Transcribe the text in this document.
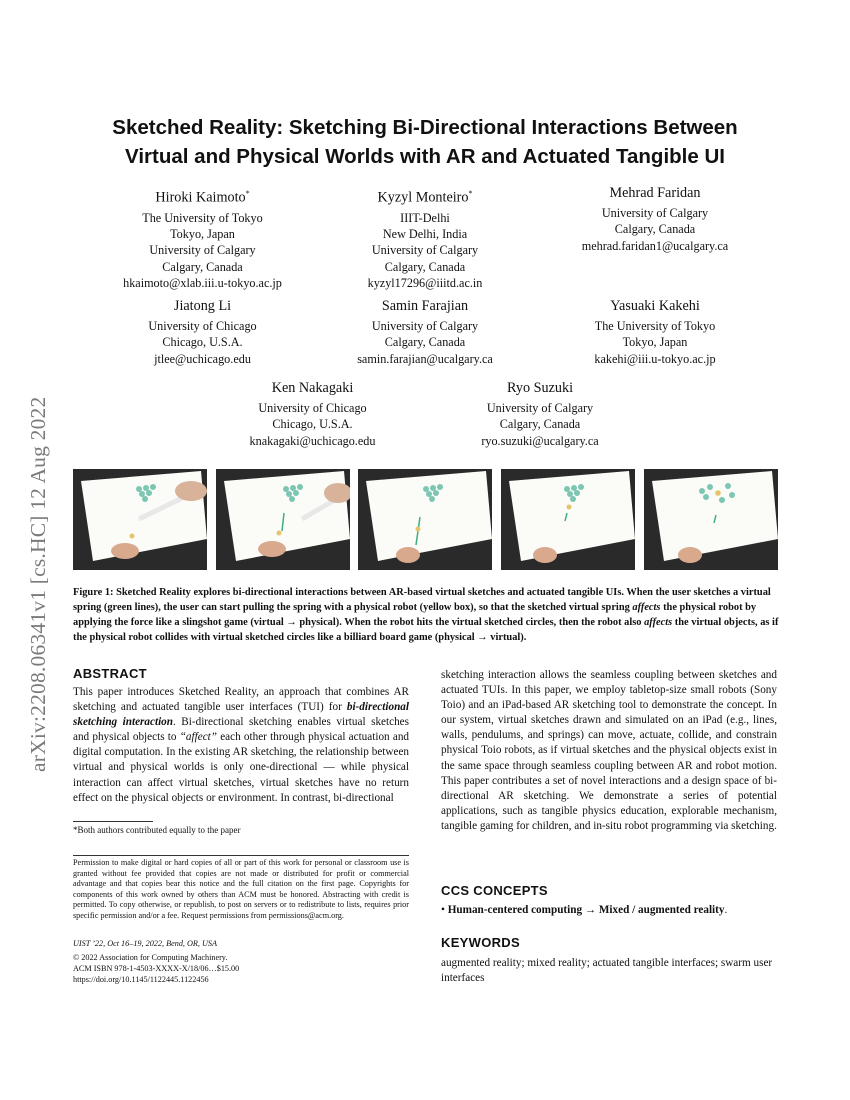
arXiv:2208.06341v1 [cs.HC] 12 Aug 2022
Sketched Reality: Sketching Bi-Directional Interactions Between
Virtual and Physical Worlds with AR and Actuated Tangible UI
Hiroki Kaimoto*
The University of Tokyo
Tokyo, Japan
University of Calgary
Calgary, Canada
hkaimoto@xlab.iii.u-tokyo.ac.jp
Kyzyl Monteiro*
IIIT-Delhi
New Delhi, India
University of Calgary
Calgary, Canada
kyzyl17296@iiitd.ac.in
Mehrad Faridan
University of Calgary
Calgary, Canada
mehrad.faridan1@ucalgary.ca
Jiatong Li
University of Chicago
Chicago, U.S.A.
jtlee@uchicago.edu
Samin Farajian
University of Calgary
Calgary, Canada
samin.farajian@ucalgary.ca
Yasuaki Kakehi
The University of Tokyo
Tokyo, Japan
kakehi@iii.u-tokyo.ac.jp
Ken Nakagaki
University of Chicago
Chicago, U.S.A.
knakagaki@uchicago.edu
Ryo Suzuki
University of Calgary
Calgary, Canada
ryo.suzuki@ucalgary.ca
Figure 1: Sketched Reality explores bi-directional interactions between AR-based virtual sketches and actuated tangible UIs. When the user sketches a virtual spring (green lines), the user can start pulling the spring with a physical robot (yellow box), so that the sketched virtual spring affects the physical robot by applying the force like a slingshot game (virtual → physical). When the robot hits the virtual sketched circles, then the robot also affects the virtual objects, as if the physical robot collides with virtual sketched circles like a billiard board game (physical → virtual).
ABSTRACT
This paper introduces Sketched Reality, an approach that combines AR sketching and actuated tangible user interfaces (TUI) for bi-directional sketching interaction. Bi-directional sketching enables virtual sketches and physical objects to “affect” each other through physical actuation and digital computation. In the existing AR sketching, the relationship between virtual and physical worlds is only one-directional — while physical interaction can affect virtual sketches, virtual sketches have no return effect on the physical objects or environment. In contrast, bi-directional
*Both authors contributed equally to the paper
Permission to make digital or hard copies of all or part of this work for personal or classroom use is granted without fee provided that copies are not made or distributed for profit or commercial advantage and that copies bear this notice and the full citation on the first page. Copyrights for components of this work owned by others than ACM must be honored. Abstracting with credit is permitted. To copy otherwise, or republish, to post on servers or to redistribute to lists, requires prior specific permission and/or a fee. Request permissions from permissions@acm.org.
UIST ’22, Oct 16–19, 2022, Bend, OR, USA
© 2022 Association for Computing Machinery.
ACM ISBN 978-1-4503-XXXX-X/18/06…$15.00
https://doi.org/10.1145/1122445.1122456
sketching interaction allows the seamless coupling between sketches and actuated TUIs. In this paper, we employ tabletop-size small robots (Sony Toio) and an iPad-based AR sketching tool to demonstrate the concept. In our system, virtual sketches drawn and simulated on an iPad (e.g., lines, walls, pendulums, and springs) can move, actuate, collide, and constrain physical Toio robots, as if virtual sketches and the physical objects exist in the same space through seamless coupling between AR and robot motion. This paper contributes a set of novel interactions and a design space of bi-directional AR sketching. We demonstrate a series of potential applications, such as tangible physics education, explorable mechanism, tangible gaming for children, and in-situ robot programming via sketching.
CCS CONCEPTS
• Human-centered computing → Mixed / augmented reality.
KEYWORDS
augmented reality; mixed reality; actuated tangible interfaces; swarm user interfaces
